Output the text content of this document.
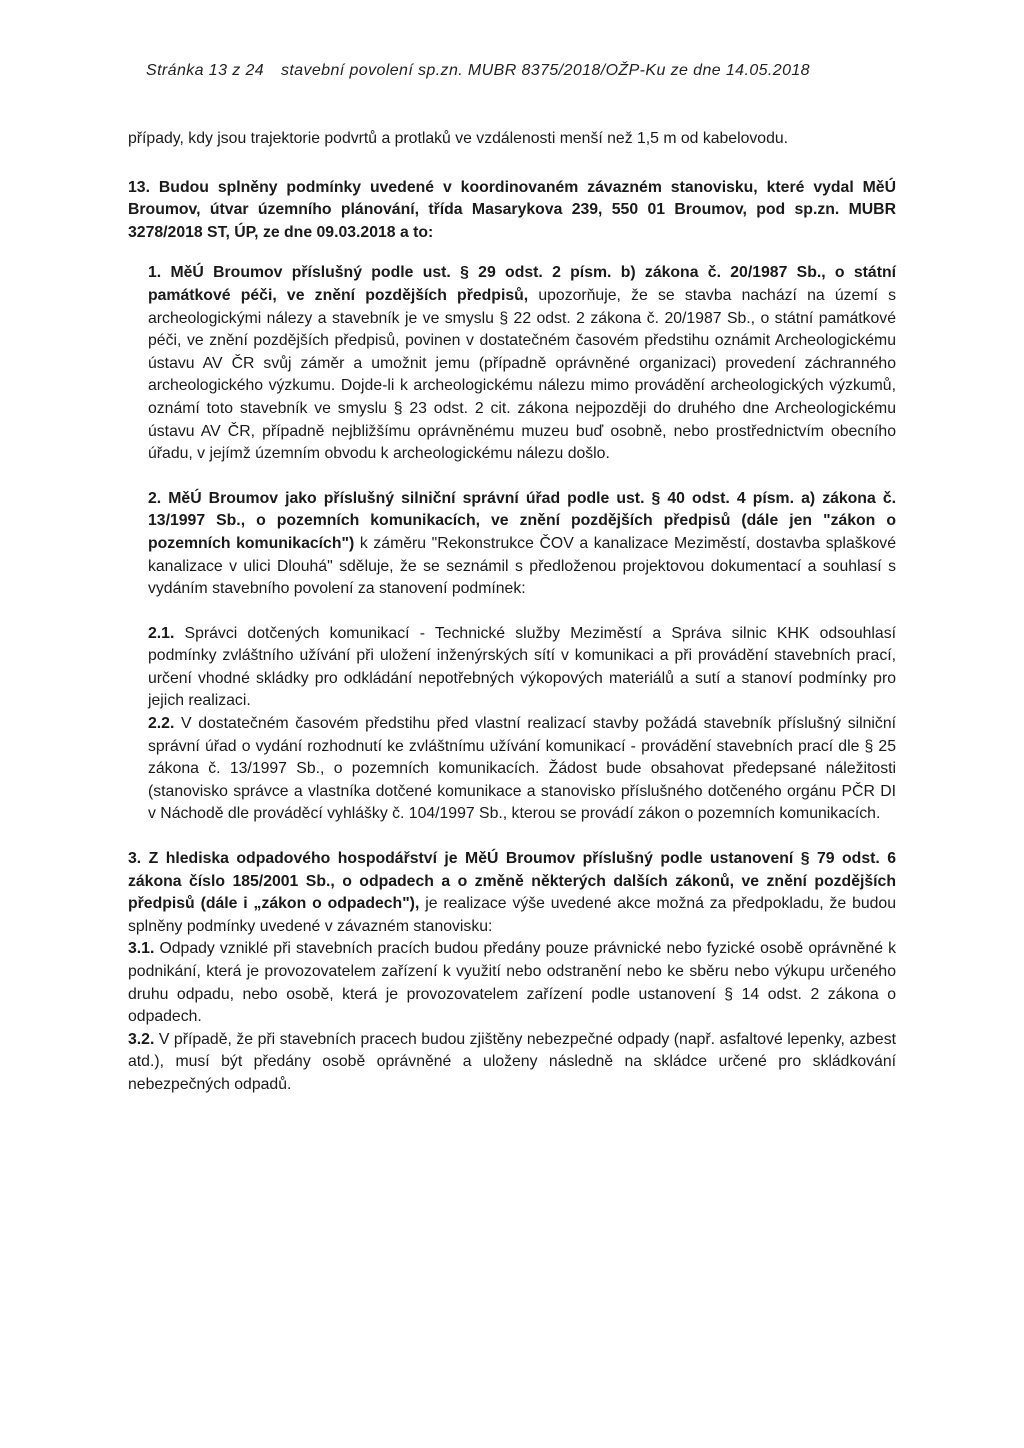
Stránka 13 z 24 stavební povolení sp.zn. MUBR 8375/2018/OŽP-Ku ze dne 14.05.2018

případy, kdy jsou trajektorie podvrtů a protlaků ve vzdálenosti menší než 1,5 m od kabelovodu.

13. Budou splněny podmínky uvedené v koordinovaném závazném stanovisku, které vydal MěÚ Broumov, útvar územního plánování, třída Masarykova 239, 550 01 Broumov, pod sp.zn. MUBR 3278/2018 ST, ÚP, ze dne 09.03.2018 a to:

1. MěÚ Broumov příslušný podle ust. § 29 odst. 2 písm. b) zákona č. 20/1987 Sb., o státní památkové péči, ve znění pozdějších předpisů, upozorňuje, že se stavba nachází na území s archeologickými nálezy a stavebník je ve smyslu § 22 odst. 2 zákona č. 20/1987 Sb., o státní památkové péči, ve znění pozdějších předpisů, povinen v dostatečném časovém předstihu oznámit Archeologickému ústavu AV ČR svůj záměr a umožnit jemu (případně oprávněné organizaci) provedení záchranného archeologického výzkumu. Dojde-li k archeologickému nálezu mimo provádění archeologických výzkumů, oznámí toto stavebník ve smyslu § 23 odst. 2 cit. zákona nejpozději do druhého dne Archeologickému ústavu AV ČR, případně nejbližšímu oprávněnému muzeu buď osobně, nebo prostřednictvím obecního úřadu, v jejímž územním obvodu k archeologickému nálezu došlo.

2. MěÚ Broumov jako příslušný silniční správní úřad podle ust. § 40 odst. 4 písm. a) zákona č. 13/1997 Sb., o pozemních komunikacích, ve znění pozdějších předpisů (dále jen "zákon o pozemních komunikacích") k záměru "Rekonstrukce ČOV a kanalizace Meziměstí, dostavba splaškové kanalizace v ulici Dlouhá" sděluje, že se seznámil s předloženou projektovou dokumentací a souhlasí s vydáním stavebního povolení za stanovení podmínek:

2.1. Správci dotčených komunikací - Technické služby Meziměstí a Správa silnic KHK odsouhlasí podmínky zvláštního užívání při uložení inženýrských sítí v komunikaci a při provádění stavebních prací, určení vhodné skládky pro odkládání nepotřebných výkopových materiálů a sutí a stanoví podmínky pro jejich realizaci.

2.2. V dostatečném časovém předstihu před vlastní realizací stavby požádá stavebník příslušný silniční správní úřad o vydání rozhodnutí ke zvláštnímu užívání komunikací - provádění stavebních prací dle § 25 zákona č. 13/1997 Sb., o pozemních komunikacích. Žádost bude obsahovat předepsané náležitosti (stanovisko správce a vlastníka dotčené komunikace a stanovisko příslušného dotčeného orgánu PČR DI v Náchodě dle prováděcí vyhlášky č. 104/1997 Sb., kterou se provádí zákon o pozemních komunikacích.

3. Z hlediska odpadového hospodářství je MěÚ Broumov příslušný podle ustanovení § 79 odst. 6 zákona číslo 185/2001 Sb., o odpadech a o změně některých dalších zákonů, ve znění pozdějších předpisů (dále i „zákon o odpadech"), je realizace výše uvedené akce možná za předpokladu, že budou splněny podmínky uvedené v závazném stanovisku:

3.1. Odpady vzniklé při stavebních pracích budou předány pouze právnické nebo fyzické osobě oprávněné k podnikání, která je provozovatelem zařízení k využití nebo odstranění nebo ke sběru nebo výkupu určeného druhu odpadu, nebo osobě, která je provozovatelem zařízení podle ustanovení § 14 odst. 2 zákona o odpadech.

3.2. V případě, že při stavebních pracech budou zjištěny nebezpečné odpady (např. asfaltové lepenky, azbest atd.), musí být předány osobě oprávněné a uloženy následně na skládce určené pro skládkování nebezpečných odpadů.
